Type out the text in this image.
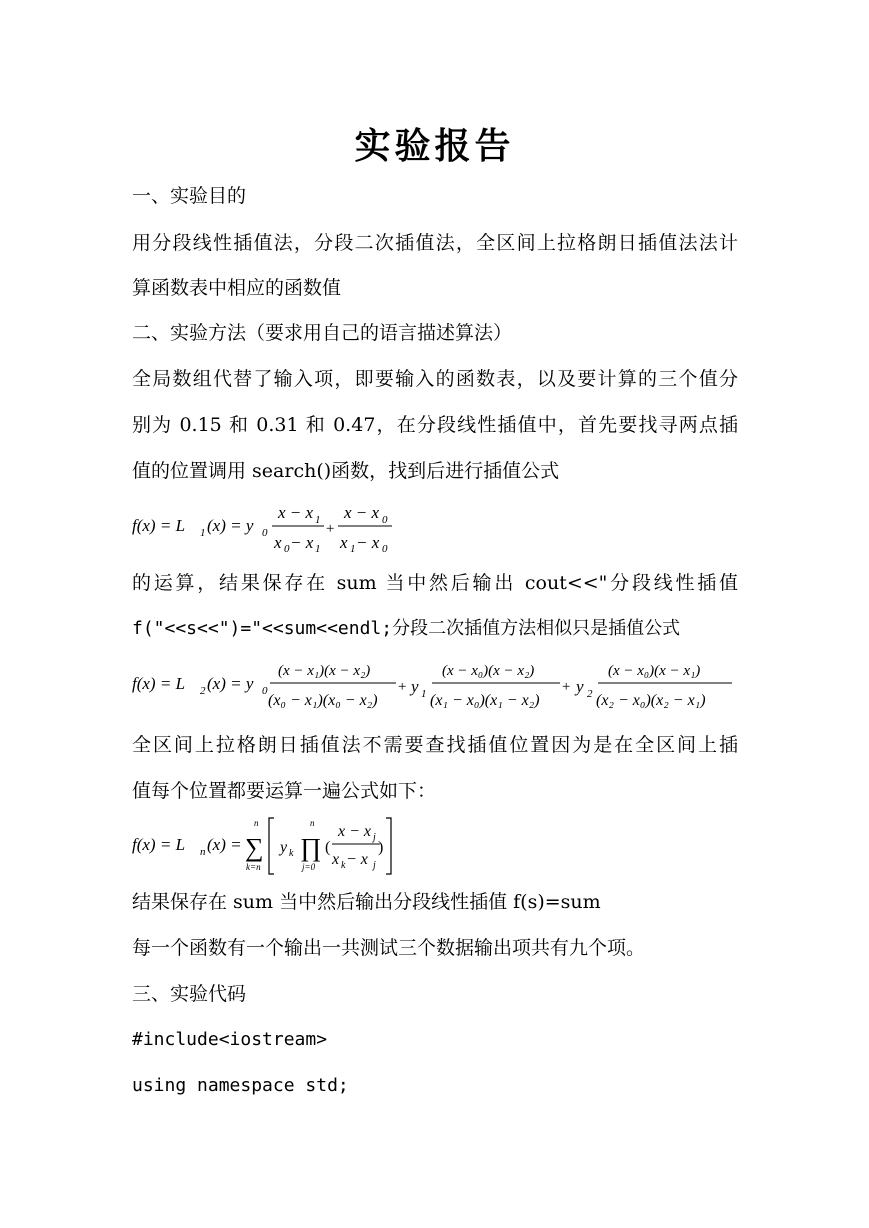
实验报告
一、实验目的
用分段线性插值法，分段二次插值法，全区间上拉格朗日插值法法计
算函数表中相应的函数值
二、实验方法（要求用自己的语言描述算法）
全局数组代替了输入项，即要输入的函数表，以及要计算的三个值分
别为 0.15 和 0.31 和 0.47，在分段线性插值中，首先要找寻两点插
值的位置调用 search()函数，找到后进行插值公式
f(x) = L 1 (x) = y 0
x − x 1
x 0 − x 1
+
x − x 0
x 1 − x 0
的运算，结果保存在 sum 当中然后输出 cout<<"分段线性插值
f("<<s<<")="<<sum<<endl;分段二次插值方法相似只是插值公式
f(x) = L 2 (x) = y 0
(x − x₁)(x − x₂)
(x₀ − x₁)(x₀ − x₂)
+ y 1
(x − x₀)(x − x₂)
(x₁ − x₀)(x₁ − x₂)
+ y 2
(x − x₀)(x − x₁)
(x₂ − x₀)(x₂ − x₁)
全区间上拉格朗日插值法不需要查找插值位置因为是在全区间上插
值每个位置都要运算一遍公式如下：
f(x) = L n (x) =
n
∑
k=n
y k
n
∏
j=0
(
x − x j
x k − x j
)
结果保存在 sum 当中然后输出分段线性插值 f(s)=sum
每一个函数有一个输出一共测试三个数据输出项共有九个项。
三、实验代码
#include<iostream>
using namespace std;
